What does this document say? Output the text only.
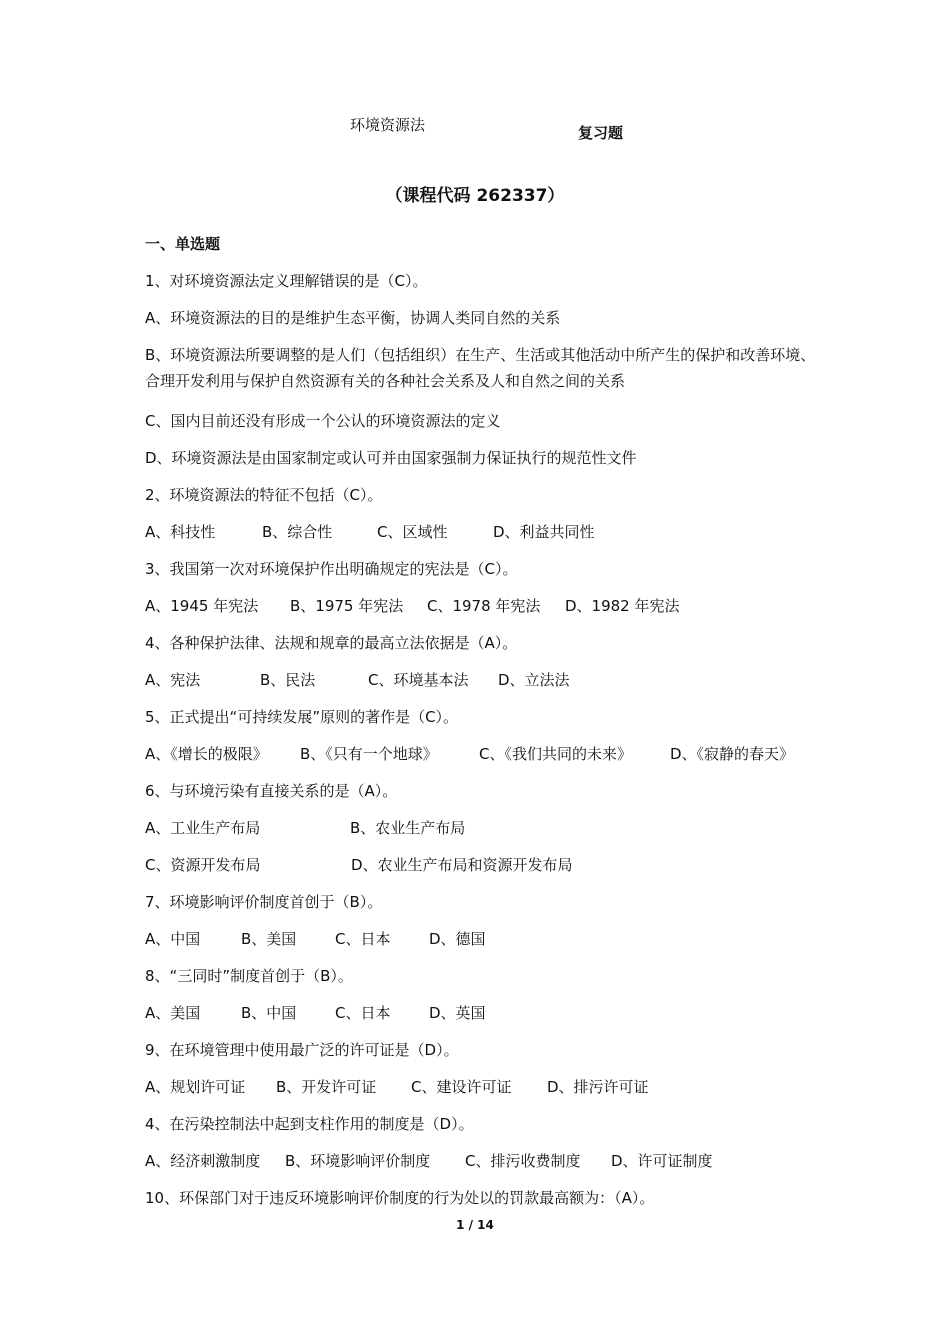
环境资源法	复习题
（课程代码 262337）
一、单选题
1、对环境资源法定义理解错误的是（C）。
A、环境资源法的目的是维护生态平衡，协调人类同自然的关系
B、环境资源法所要调整的是人们（包括组织）在生产、生活或其他活动中所产生的保护和改善环境、合理开发利用与保护自然资源有关的各种社会关系及人和自然之间的关系
C、国内目前还没有形成一个公认的环境资源法的定义
D、环境资源法是由国家制定或认可并由国家强制力保证执行的规范性文件
2、环境资源法的特征不包括（C）。
A、科技性	B、综合性	C、区域性	D、利益共同性
3、我国第一次对环境保护作出明确规定的宪法是（C）。
A、1945 年宪法	B、1975 年宪法	C、1978 年宪法	D、1982 年宪法
4、各种保护法律、法规和规章的最高立法依据是（A）。
A、宪法	B、民法	C、环境基本法	D、立法法
5、正式提出“可持续发展”原则的著作是（C）。
A、《增长的极限》	B、《只有一个地球》	C、《我们共同的未来》	D、《寂静的春天》
6、与环境污染有直接关系的是（A）。
A、工业生产布局	B、农业生产布局
C、资源开发布局	D、农业生产布局和资源开发布局
7、环境影响评价制度首创于（B）。
A、中国	B、美国	C、日本	D、德国
8、“三同时”制度首创于（B）。
A、美国	B、中国	C、日本	D、英国
9、在环境管理中使用最广泛的许可证是（D）。
A、规划许可证	B、开发许可证	C、建设许可证	D、排污许可证
4、在污染控制法中起到支柱作用的制度是（D）。
A、经济刺激制度	B、环境影响评价制度	C、排污收费制度	D、许可证制度
10、环保部门对于违反环境影响评价制度的行为处以的罚款最高额为：（A）。
1 / 14
